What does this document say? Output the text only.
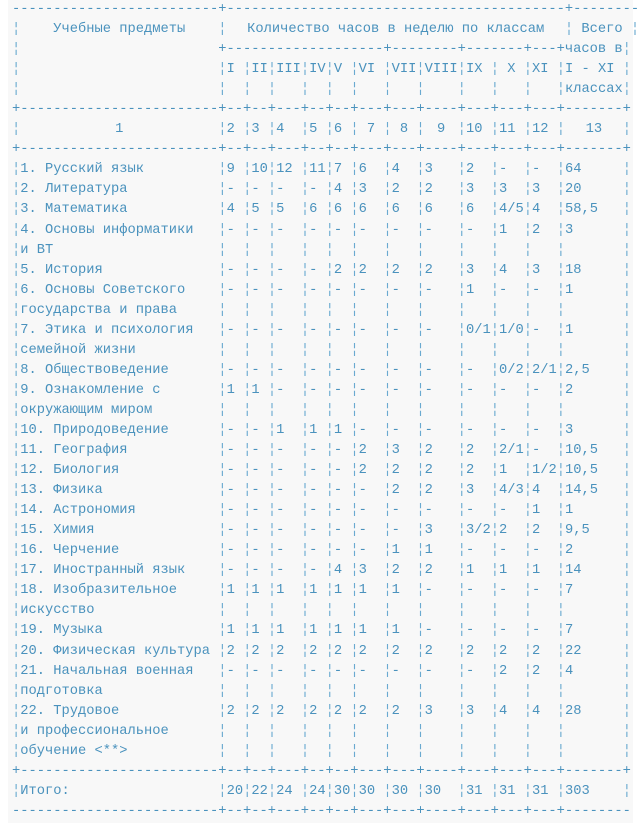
-------------------------+-----------------------------------------+--------
¦ Учебные предметы ¦ Количество часов в неделю по классам ¦ Всего ¦
¦	+-------------------+--------+-------+---+часов в¦
¦	¦I ¦II¦III¦IV¦V ¦VI ¦VII¦VIII¦IX ¦ X ¦XI ¦I - XI ¦
¦	¦ ¦ ¦ ¦ ¦ ¦ ¦ ¦ ¦ ¦ ¦ ¦классах¦
+------------------------+--+--+---+--+--+---+---+----+---+---+---+-------+
¦	1	¦2 ¦3 ¦4 ¦5 ¦6 ¦ 7 ¦ 8 ¦ 9 ¦10 ¦11 ¦12 ¦ 13 ¦
+------------------------+--+--+---+--+--+---+---+----+---+---+---+-------+
¦1. Русский язык	¦9 ¦10¦12 ¦11¦7 ¦6 ¦4 ¦3 ¦2 ¦- ¦- ¦64	¦
¦2. Литература	¦- ¦- ¦- ¦- ¦4 ¦3 ¦2 ¦2 ¦3 ¦3 ¦3 ¦20	¦
¦3. Математика	¦4 ¦5 ¦5 ¦6 ¦6 ¦6 ¦6 ¦6 ¦6 ¦4/5¦4 ¦58,5 ¦
¦4. Основы информатики ¦- ¦- ¦- ¦- ¦- ¦- ¦- ¦- ¦- ¦1 ¦2 ¦3	¦
¦и ВТ	¦ ¦ ¦ ¦ ¦ ¦ ¦ ¦ ¦ ¦ ¦ ¦	¦
¦5. История	¦- ¦- ¦- ¦- ¦2 ¦2 ¦2 ¦2 ¦3 ¦4 ¦3 ¦18	¦
¦6. Основы Советского ¦- ¦- ¦- ¦- ¦- ¦- ¦- ¦- ¦1 ¦- ¦- ¦1	¦
¦государства и права	¦ ¦ ¦ ¦ ¦ ¦ ¦ ¦ ¦ ¦ ¦ ¦	¦
¦7. Этика и психология ¦- ¦- ¦- ¦- ¦- ¦- ¦- ¦- ¦0/1¦1/0¦- ¦1	¦
¦семейной жизни	¦ ¦ ¦ ¦ ¦ ¦ ¦ ¦ ¦ ¦ ¦ ¦	¦
¦8. Обществоведение	¦- ¦- ¦- ¦- ¦- ¦- ¦- ¦- ¦- ¦0/2¦2/1¦2,5 ¦
¦9. Ознакомление с	¦1 ¦1 ¦- ¦- ¦- ¦- ¦- ¦- ¦- ¦- ¦- ¦2	¦
¦окружающим миром	¦ ¦ ¦ ¦ ¦ ¦ ¦ ¦ ¦ ¦ ¦ ¦	¦
¦10. Природоведение	¦- ¦- ¦1 ¦1 ¦1 ¦- ¦- ¦- ¦- ¦- ¦- ¦3	¦
¦11. География	¦- ¦- ¦- ¦- ¦- ¦2 ¦3 ¦2 ¦2 ¦2/1¦- ¦10,5 ¦
¦12. Биология	¦- ¦- ¦- ¦- ¦- ¦2 ¦2 ¦2 ¦2 ¦1 ¦1/2¦10,5 ¦
¦13. Физика	¦- ¦- ¦- ¦- ¦- ¦- ¦2 ¦2 ¦3 ¦4/3¦4 ¦14,5 ¦
¦14. Астрономия	¦- ¦- ¦- ¦- ¦- ¦- ¦- ¦- ¦- ¦- ¦1 ¦1	¦
¦15. Химия	¦- ¦- ¦- ¦- ¦- ¦- ¦- ¦3 ¦3/2¦2 ¦2 ¦9,5 ¦
¦16. Черчение	¦- ¦- ¦- ¦- ¦- ¦- ¦1 ¦1 ¦- ¦- ¦- ¦2	¦
¦17. Иностранный язык ¦- ¦- ¦- ¦- ¦4 ¦3 ¦2 ¦2 ¦1 ¦1 ¦1 ¦14	¦
¦18. Изобразительное	¦1 ¦1 ¦1 ¦1 ¦1 ¦1 ¦1 ¦- ¦- ¦- ¦- ¦7	¦
¦искусство	¦ ¦ ¦ ¦ ¦ ¦ ¦ ¦ ¦ ¦ ¦ ¦	¦
¦19. Музыка	¦1 ¦1 ¦1 ¦1 ¦1 ¦1 ¦1 ¦- ¦- ¦- ¦- ¦7	¦
¦20. Физическая культура ¦2 ¦2 ¦2 ¦2 ¦2 ¦2 ¦2 ¦2 ¦2 ¦2 ¦2 ¦22	¦
¦21. Начальная военная ¦- ¦- ¦- ¦- ¦- ¦- ¦- ¦- ¦- ¦2 ¦2 ¦4	¦
¦подготовка	¦ ¦ ¦ ¦ ¦ ¦ ¦ ¦ ¦ ¦ ¦ ¦	¦
¦22. Трудовое	¦2 ¦2 ¦2 ¦2 ¦2 ¦2 ¦2 ¦3 ¦3 ¦4 ¦4 ¦28	¦
¦и профессиональное	¦ ¦ ¦ ¦ ¦ ¦ ¦ ¦ ¦ ¦ ¦ ¦	¦
¦обучение <**>	¦ ¦ ¦ ¦ ¦ ¦ ¦ ¦ ¦ ¦ ¦ ¦	¦
+------------------------+--+--+---+--+--+---+---+----+---+---+---+-------+
¦Итого:	¦20¦22¦24 ¦24¦30¦30 ¦30 ¦30 ¦31 ¦31 ¦31 ¦303 ¦
-------------------------+--+--+---+--+--+---+---+----+---+---+---+--------
